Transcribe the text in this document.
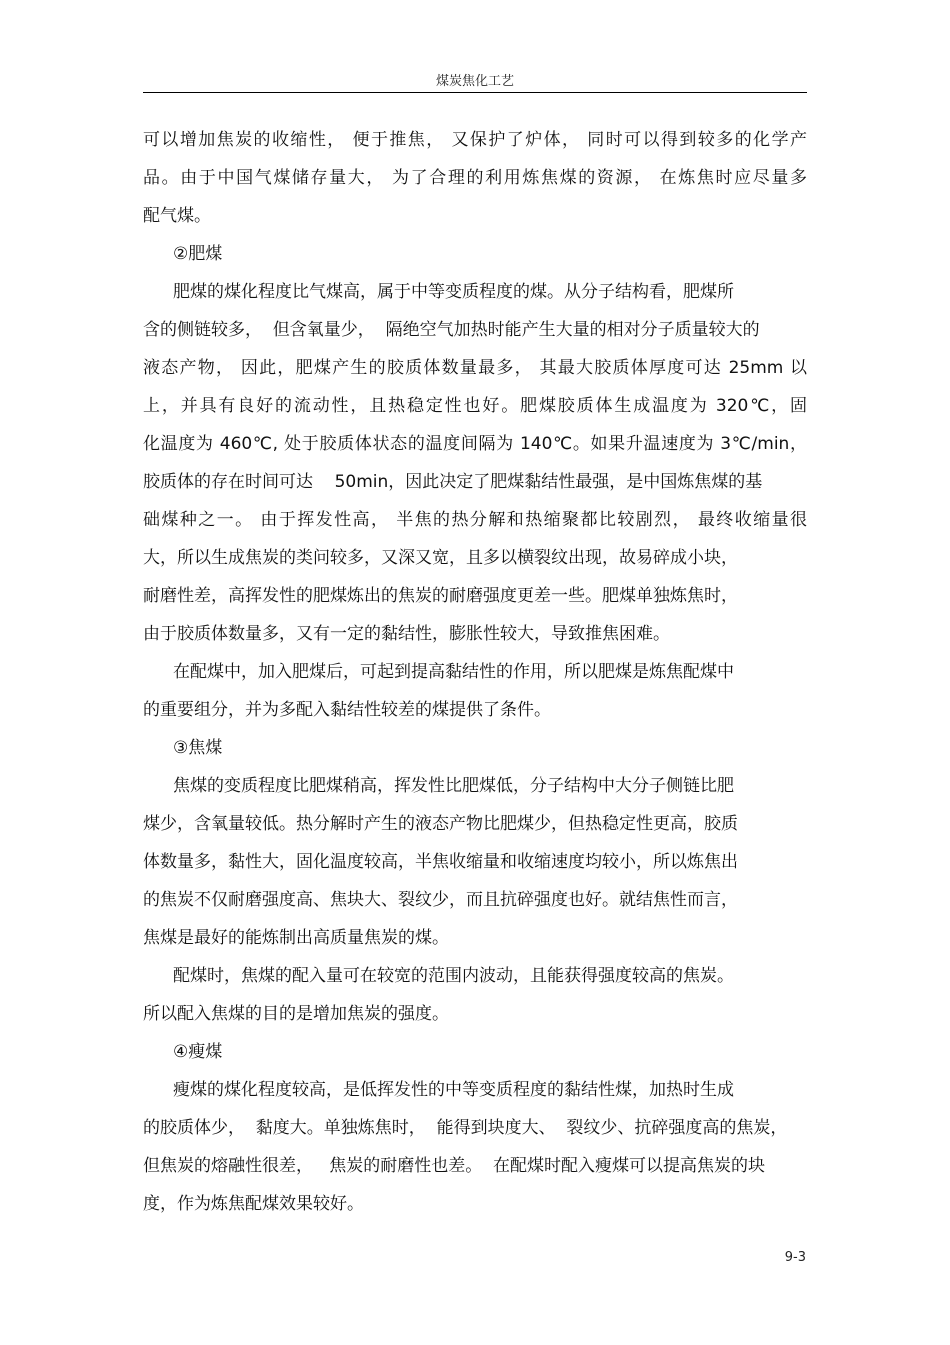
煤炭焦化工艺
可以增加焦炭的收缩性， 便于推焦， 又保护了炉体， 同时可以得到较多的化学产
品。由于中国气煤储存量大， 为了合理的利用炼焦煤的资源， 在炼焦时应尽量多
配气煤。
②肥煤
肥煤的煤化程度比气煤高，属于中等变质程度的煤。从分子结构看，肥煤所
含的侧链较多，  但含氧量少，  隔绝空气加热时能产生大量的相对分子质量较大的
液态产物， 因此，肥煤产生的胶质体数量最多， 其最大胶质体厚度可达 25mm 以
上，并具有良好的流动性，且热稳定性也好。肥煤胶质体生成温度为 320℃，固
化温度为 460℃, 处于胶质体状态的温度间隔为 140℃。如果升温速度为 3℃/min，
胶质体的存在时间可达    50min，因此决定了肥煤黏结性最强，是中国炼焦煤的基
础煤种之一。 由于挥发性高， 半焦的热分解和热缩聚都比较剧烈， 最终收缩量很
大，所以生成焦炭的类问较多，又深又宽，且多以横裂纹出现，故易碎成小块，
耐磨性差，高挥发性的肥煤炼出的焦炭的耐磨强度更差一些。肥煤单独炼焦时，
由于胶质体数量多，又有一定的黏结性，膨胀性较大，导致推焦困难。
在配煤中，加入肥煤后，可起到提高黏结性的作用，所以肥煤是炼焦配煤中
的重要组分，并为多配入黏结性较差的煤提供了条件。
③焦煤
焦煤的变质程度比肥煤稍高，挥发性比肥煤低，分子结构中大分子侧链比肥
煤少，含氧量较低。热分解时产生的液态产物比肥煤少，但热稳定性更高，胶质
体数量多，黏性大，固化温度较高，半焦收缩量和收缩速度均较小，所以炼焦出
的焦炭不仅耐磨强度高、焦块大、裂纹少，而且抗碎强度也好。就结焦性而言，
焦煤是最好的能炼制出高质量焦炭的煤。
配煤时，焦煤的配入量可在较宽的范围内波动，且能获得强度较高的焦炭。
所以配入焦煤的目的是增加焦炭的强度。
④瘦煤
瘦煤的煤化程度较高，是低挥发性的中等变质程度的黏结性煤，加热时生成
的胶质体少，  黏度大。单独炼焦时，  能得到块度大、  裂纹少、抗碎强度高的焦炭，
但焦炭的熔融性很差，   焦炭的耐磨性也差。  在配煤时配入瘦煤可以提高焦炭的块
度，作为炼焦配煤效果较好。
9-3
